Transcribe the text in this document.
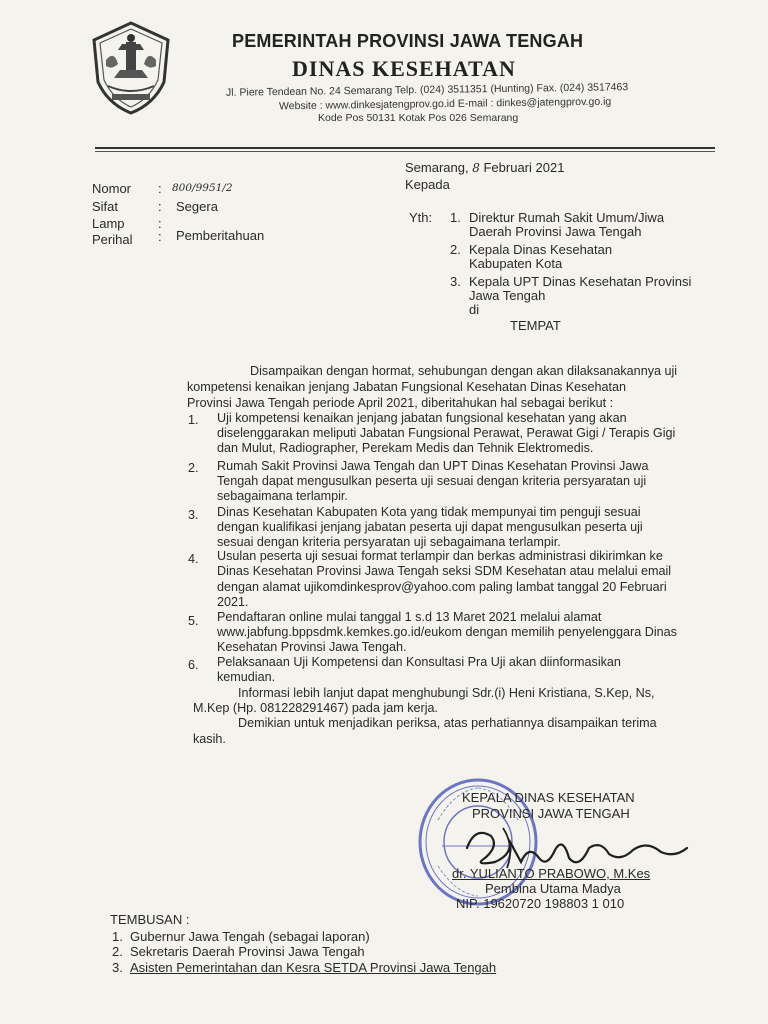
PEMERINTAH PROVINSI JAWA TENGAH
DINAS KESEHATAN
Jl. Piere Tendean No. 24 Semarang Telp. (024) 3511351 (Hunting) Fax. (024) 3517463
Website : www.dinkesjatengprov.go.id E-mail : dinkes@jatengprov.go.ig
Kode Pos 50131 Kotak Pos 026 Semarang
Semarang, 8 Februari 2021
Kepada
Nomor : 800/9951/2
Sifat	: Segera
Lamp	:
Perihal : Pemberitahuan
Yth: 1. Direktur Rumah Sakit Umum/Jiwa
Daerah Provinsi Jawa Tengah
2. Kepala Dinas Kesehatan
Kabupaten Kota
3. Kepala UPT Dinas Kesehatan Provinsi
Jawa Tengah
di
TEMPAT
Disampaikan dengan hormat, sehubungan dengan akan dilaksanakannya uji
kompetensi kenaikan jenjang Jabatan Fungsional Kesehatan Dinas Kesehatan
Provinsi Jawa Tengah periode April 2021, diberitahukan hal sebagai berikut :
1. Uji kompetensi kenaikan jenjang jabatan fungsional kesehatan yang akan
diselenggarakan meliputi Jabatan Fungsional Perawat, Perawat Gigi / Terapis Gigi
dan Mulut, Radiographer, Perekam Medis dan Tehnik Elektromedis.
2. Rumah Sakit Provinsi Jawa Tengah dan UPT Dinas Kesehatan Provinsi Jawa
Tengah dapat mengusulkan peserta uji sesuai dengan kriteria persyaratan uji
sebagaimana terlampir.
3. Dinas Kesehatan Kabupaten Kota yang tidak mempunyai tim penguji sesuai
dengan kualifikasi jenjang jabatan peserta uji dapat mengusulkan peserta uji
sesuai dengan kriteria persyaratan uji sebagaimana terlampir.
4. Usulan peserta uji sesuai format terlampir dan berkas administrasi dikirimkan ke
Dinas Kesehatan Provinsi Jawa Tengah seksi SDM Kesehatan atau melalui email
dengan alamat ujikomdinkesprov@yahoo.com paling lambat tanggal 20 Februari
2021.
5. Pendaftaran online mulai tanggal 1 s.d 13 Maret 2021 melalui alamat
www.jabfung.bppsdmk.kemkes.go.id/eukom dengan memilih penyelenggara Dinas
Kesehatan Provinsi Jawa Tengah.
6. Pelaksanaan Uji Kompetensi dan Konsultasi Pra Uji akan diinformasikan
kemudian.
Informasi lebih lanjut dapat menghubungi Sdr.(i) Heni Kristiana, S.Kep, Ns,
M.Kep (Hp. 081228291467) pada jam kerja.
Demikian untuk menjadikan periksa, atas perhatiannya disampaikan terima
kasih.
KEPALA DINAS KESEHATAN
PROVINSI JAWA TENGAH
dr. YULIANTO PRABOWO, M.Kes
Pembina Utama Madya
NIP. 19620720 198803 1 010
TEMBUSAN :
1. Gubernur Jawa Tengah (sebagai laporan)
2. Sekretaris Daerah Provinsi Jawa Tengah
3. Asisten Pemerintahan dan Kesra SETDA Provinsi Jawa Tengah
